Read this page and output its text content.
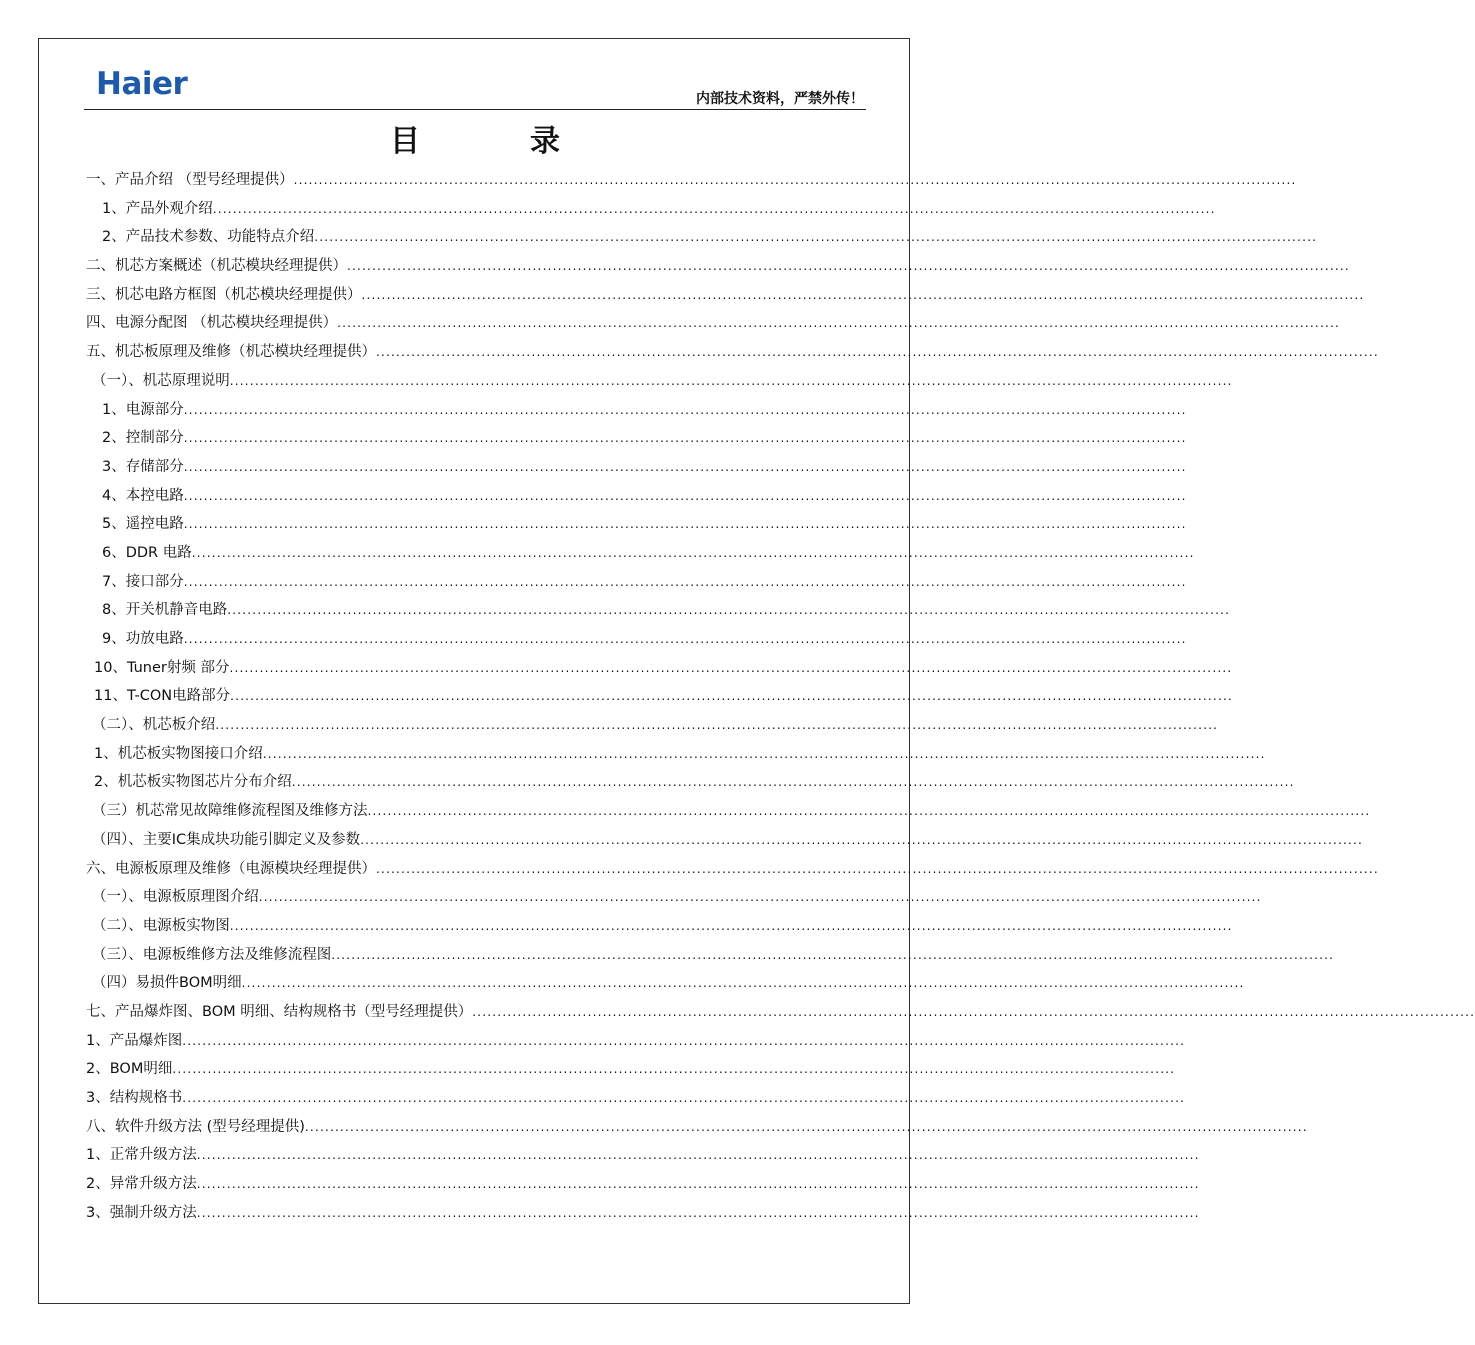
Haier	内部技术资料，严禁外传！
目	录
一、产品介绍 （型号经理提供） ........................................................................................................................................................................................................
1、产品外观介绍 ........................................................................................................................................................................................................
2、产品技术参数、功能特点介绍 ........................................................................................................................................................................................................
二、机芯方案概述（机芯模块经理提供） ........................................................................................................................................................................................................
三、机芯电路方框图（机芯模块经理提供） ........................................................................................................................................................................................................
四、电源分配图 （机芯模块经理提供） ........................................................................................................................................................................................................
五、机芯板原理及维修（机芯模块经理提供） ........................................................................................................................................................................................................
（一）、机芯原理说明 ........................................................................................................................................................................................................
1、电源部分 ........................................................................................................................................................................................................
2、控制部分 ........................................................................................................................................................................................................
3、存储部分 ........................................................................................................................................................................................................
4、本控电路 ........................................................................................................................................................................................................
5、遥控电路 ........................................................................................................................................................................................................
6、DDR 电路 ........................................................................................................................................................................................................
7、接口部分 ........................................................................................................................................................................................................
8、开关机静音电路 ........................................................................................................................................................................................................
9、功放电路 ........................................................................................................................................................................................................
10、Tuner射频 部分 ........................................................................................................................................................................................................
11、T-CON电路部分 ........................................................................................................................................................................................................
（二）、机芯板介绍 ........................................................................................................................................................................................................
1、机芯板实物图接口介绍 ........................................................................................................................................................................................................
2、机芯板实物图芯片分布介绍 ........................................................................................................................................................................................................
（三）机芯常见故障维修流程图及维修方法 ........................................................................................................................................................................................................
（四）、主要IC集成块功能引脚定义及参数 ........................................................................................................................................................................................................
六、电源板原理及维修（电源模块经理提供） ........................................................................................................................................................................................................
（一）、电源板原理图介绍 ........................................................................................................................................................................................................
（二）、电源板实物图 ........................................................................................................................................................................................................
（三）、电源板维修方法及维修流程图 ........................................................................................................................................................................................................
（四）易损件BOM明细 ........................................................................................................................................................................................................
七、产品爆炸图、BOM 明细、结构规格书（型号经理提供） ........................................................................................................................................................................................................
1、产品爆炸图 ........................................................................................................................................................................................................
2、BOM明细 ........................................................................................................................................................................................................
3、结构规格书 ........................................................................................................................................................................................................
八、软件升级方法 (型号经理提供) ........................................................................................................................................................................................................
1、正常升级方法 ........................................................................................................................................................................................................
2、异常升级方法 ........................................................................................................................................................................................................
3、强制升级方法 ........................................................................................................................................................................................................
